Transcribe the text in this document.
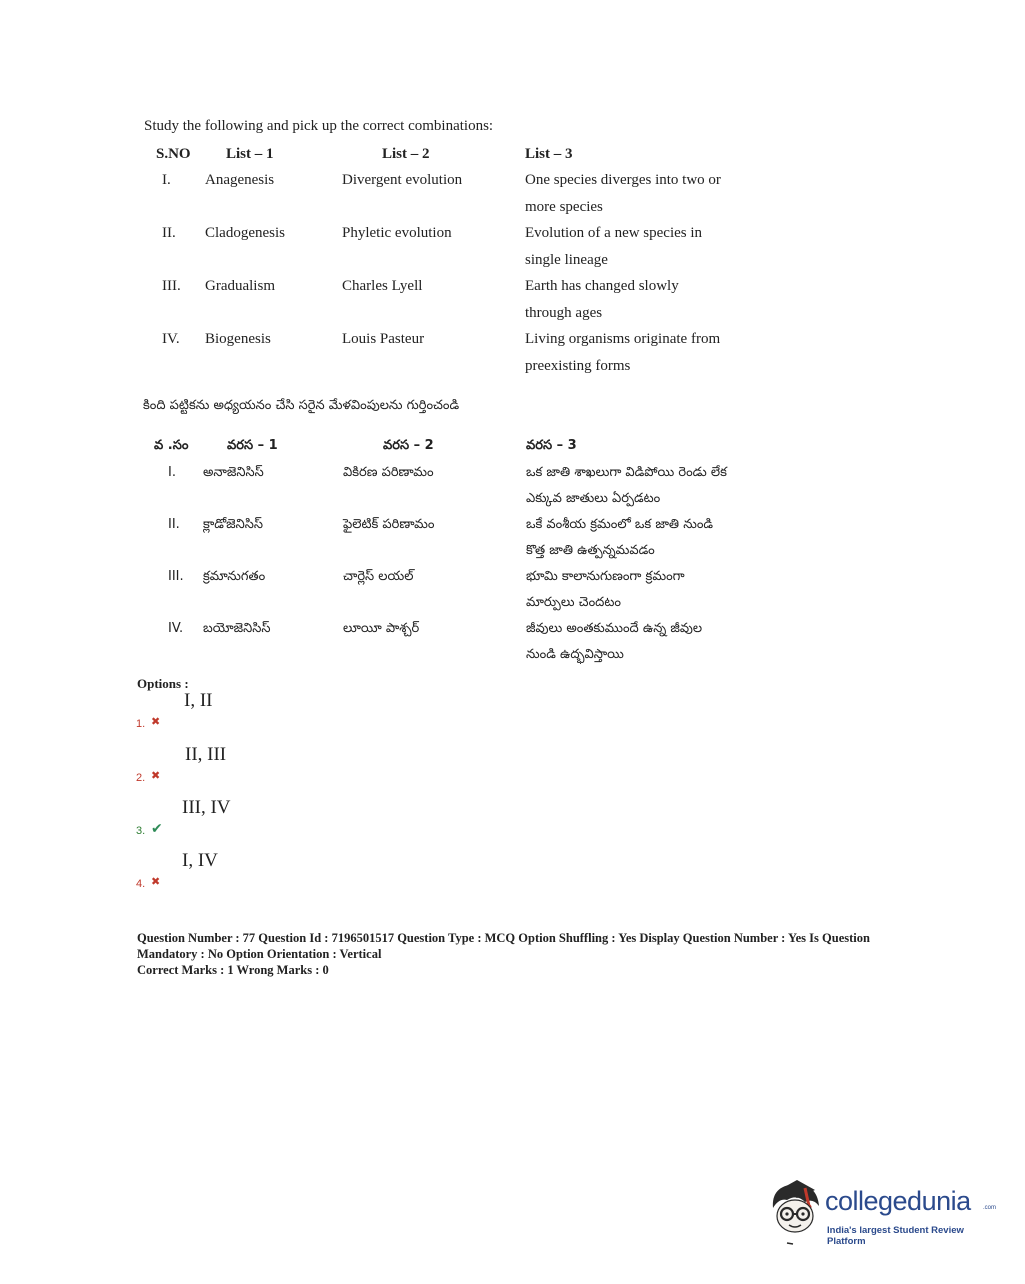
Study the following and pick up the correct combinations:
S.NO	List – 1	List – 2	List – 3
I.	Anagenesis	Divergent evolution	One species diverges into two or
more species

II.	Cladogenesis	Phyletic evolution	Evolution of a new species in
single lineage

III.	Gradualism	Charles Lyell	Earth has changed slowly
through ages

IV.	Biogenesis	Louis Pasteur	Living organisms originate from
preexisting forms
కింది పట్టికను అధ్యయనం చేసి సరైన మేళవింపులను గుర్తించండి
వ .సం	వరస – 1	వరస – 2	వరస – 3
I.	అనాజెనిసిస్	వికిరణ పరిణామం	ఒక జాతి శాఖలుగా విడిపోయి రెండు లేక
ఎక్కువ జాతులు ఏర్పడటం

II.	క్లాడోజెనిసిస్	ఫైలెటిక్ పరిణామం	ఒకే వంశీయ క్రమంలో ఒక జాతి నుండి
కొత్త జాతి ఉత్పన్నమవడం

III.	క్రమానుగతం	చార్లెస్ లయల్	భూమి కాలానుగుణంగా క్రమంగా
మార్పులు చెందటం

IV.	బయోజెనిసిస్	లూయీ పాశ్చర్	జీవులు అంతకుముందే ఉన్న జీవుల
నుండి ఉద్భవిస్తాయి
Options :
1. ✖
I, II
2. ✖
II, III
3. ✔
III, IV
4. ✖
I, IV
Question Number : 77 Question Id : 7196501517 Question Type : MCQ Option Shuffling : Yes Display Question Number : Yes Is Question Mandatory : No Option Orientation : Vertical
Correct Marks : 1 Wrong Marks : 0
collegedunia .com
India's largest Student Review Platform
